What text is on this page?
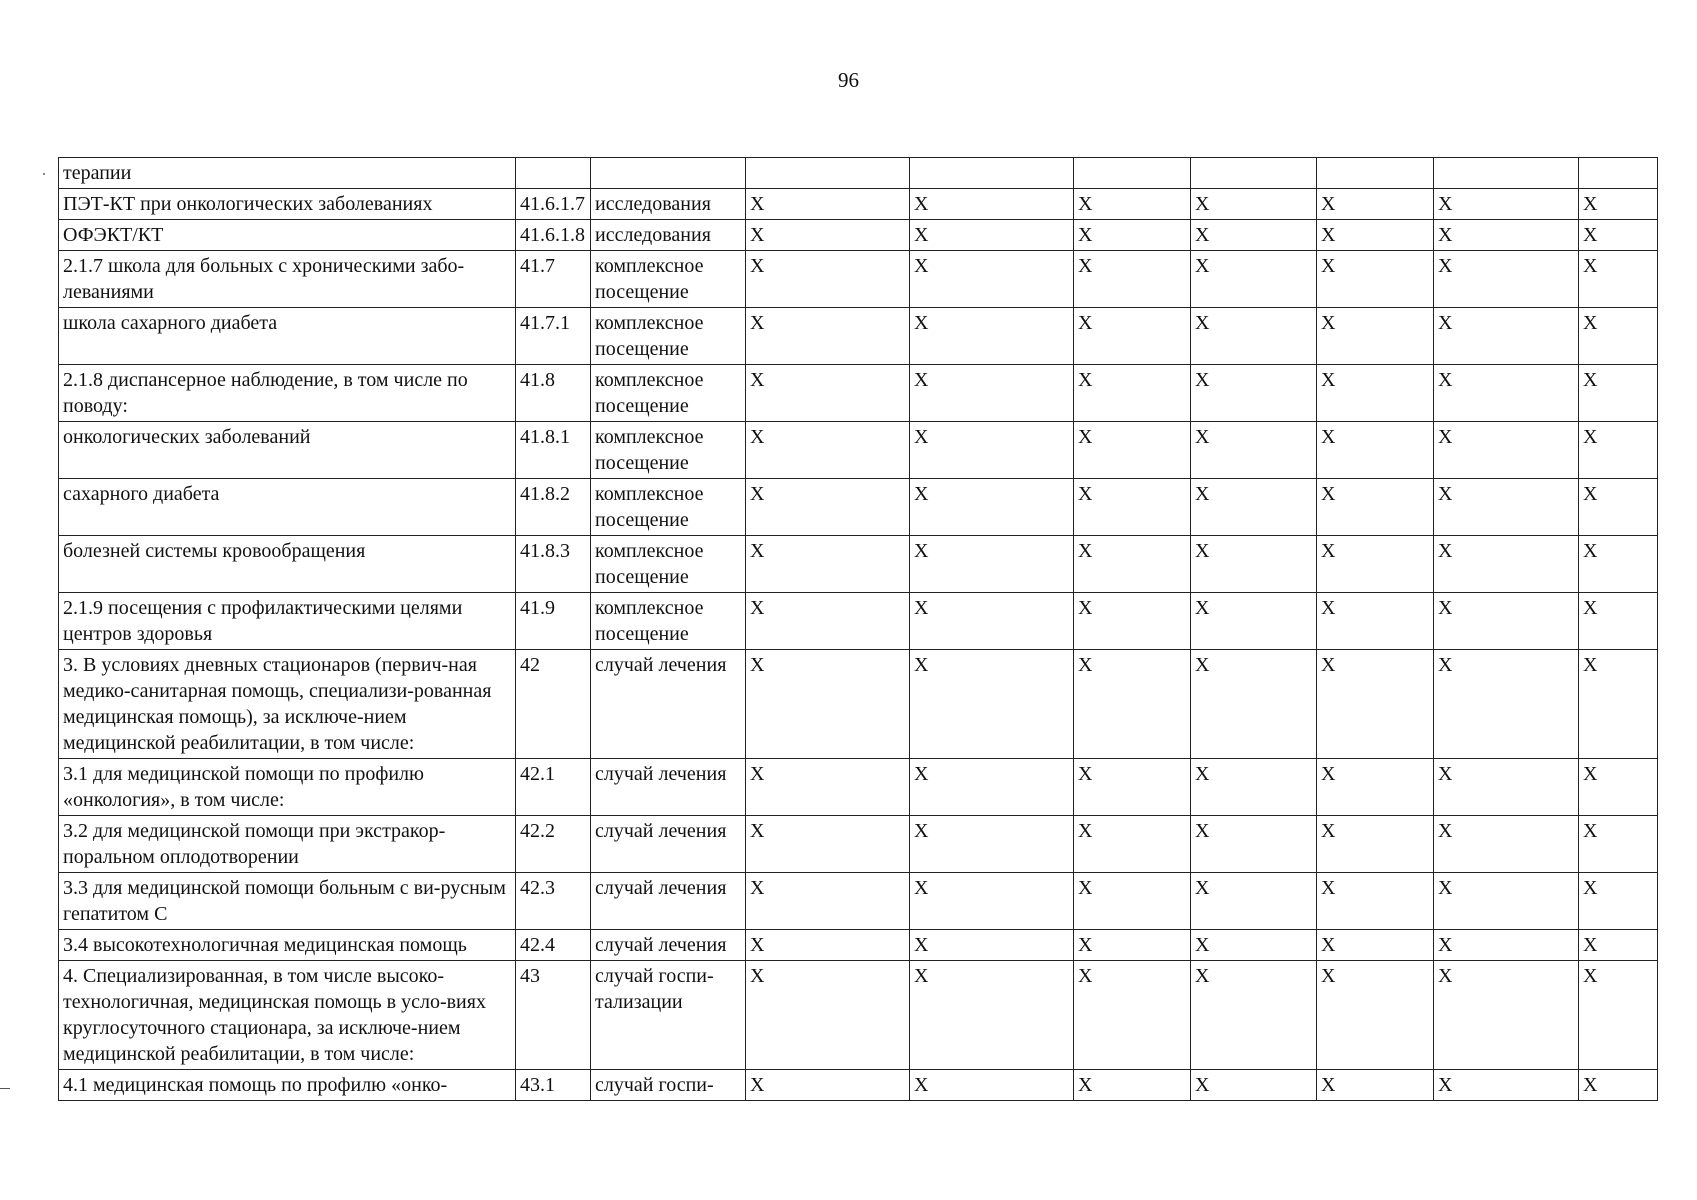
96
терапии									
ПЭТ-КТ при онкологических заболеваниях	41.6.1.7	исследования	X	X	X	X	X	X	X
ОФЭКТ/КТ	41.6.1.8	исследования	X	X	X	X	X	X	X
2.1.7 школа для больных с хроническими забо-леваниями	41.7	комплексное посещение	X	X	X	X	X	X	X
школа сахарного диабета	41.7.1	комплексное посещение	X	X	X	X	X	X	X
2.1.8 диспансерное наблюдение, в том числе по поводу:	41.8	комплексное посещение	X	X	X	X	X	X	X
онкологических заболеваний	41.8.1	комплексное посещение	X	X	X	X	X	X	X
сахарного диабета	41.8.2	комплексное посещение	X	X	X	X	X	X	X
болезней системы кровообращения	41.8.3	комплексное посещение	X	X	X	X	X	X	X
2.1.9 посещения с профилактическими целями центров здоровья	41.9	комплексное посещение	X	X	X	X	X	X	X
3. В условиях дневных стационаров (первич-ная медико-санитарная помощь, специализи-рованная медицинская помощь), за исключе-нием медицинской реабилитации, в том числе:	42	случай лечения	X	X	X	X	X	X	X
3.1 для медицинской помощи по профилю «онкология», в том числе:	42.1	случай лечения	X	X	X	X	X	X	X
3.2 для медицинской помощи при экстракор-поральном оплодотворении	42.2	случай лечения	X	X	X	X	X	X	X
3.3 для медицинской помощи больным с ви-русным гепатитом С	42.3	случай лечения	X	X	X	X	X	X	X
3.4 высокотехнологичная медицинская помощь	42.4	случай лечения	X	X	X	X	X	X	X
4. Специализированная, в том числе высоко-технологичная, медицинская помощь в усло-виях круглосуточного стационара, за исключе-нием медицинской реабилитации, в том числе:	43	случай госпи-тализации	X	X	X	X	X	X	X
4.1 медицинская помощь по профилю «онко-	43.1	случай госпи-	X	X	X	X	X	X	X
